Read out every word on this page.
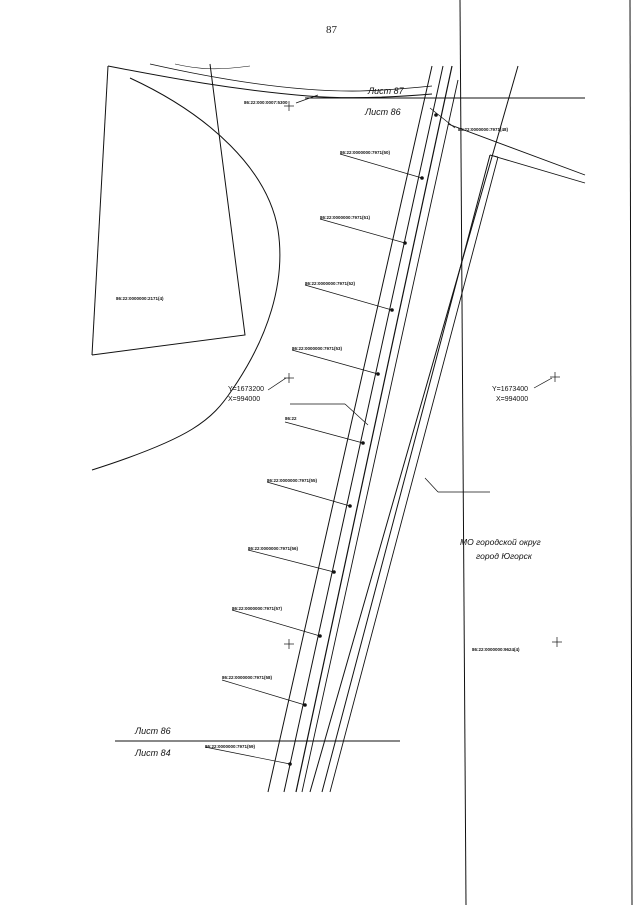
87
Лист 87
Лист 86
Лист 86
Лист 84
Y=1673200
X=994000
Y=1673400
X=994000
МО городской округ
город Югорск
86:22:000:0007:5300
86:22:0000000:7971(48)
86:22:0000000:7971(50)
86:22:0000000:7971(51)
86:22:0000000:7971(52)
86:22:0000000:2171(4)
86:22:0000000:7971(53)
86:22
86:22:0000000:7971(55)
86:22:0000000:7971(56)
86:22:0000000:7971(57)
86:22:0000000:7971(58)
86:22:0000000:7971(59)
86:22:0000000:9624(4)
